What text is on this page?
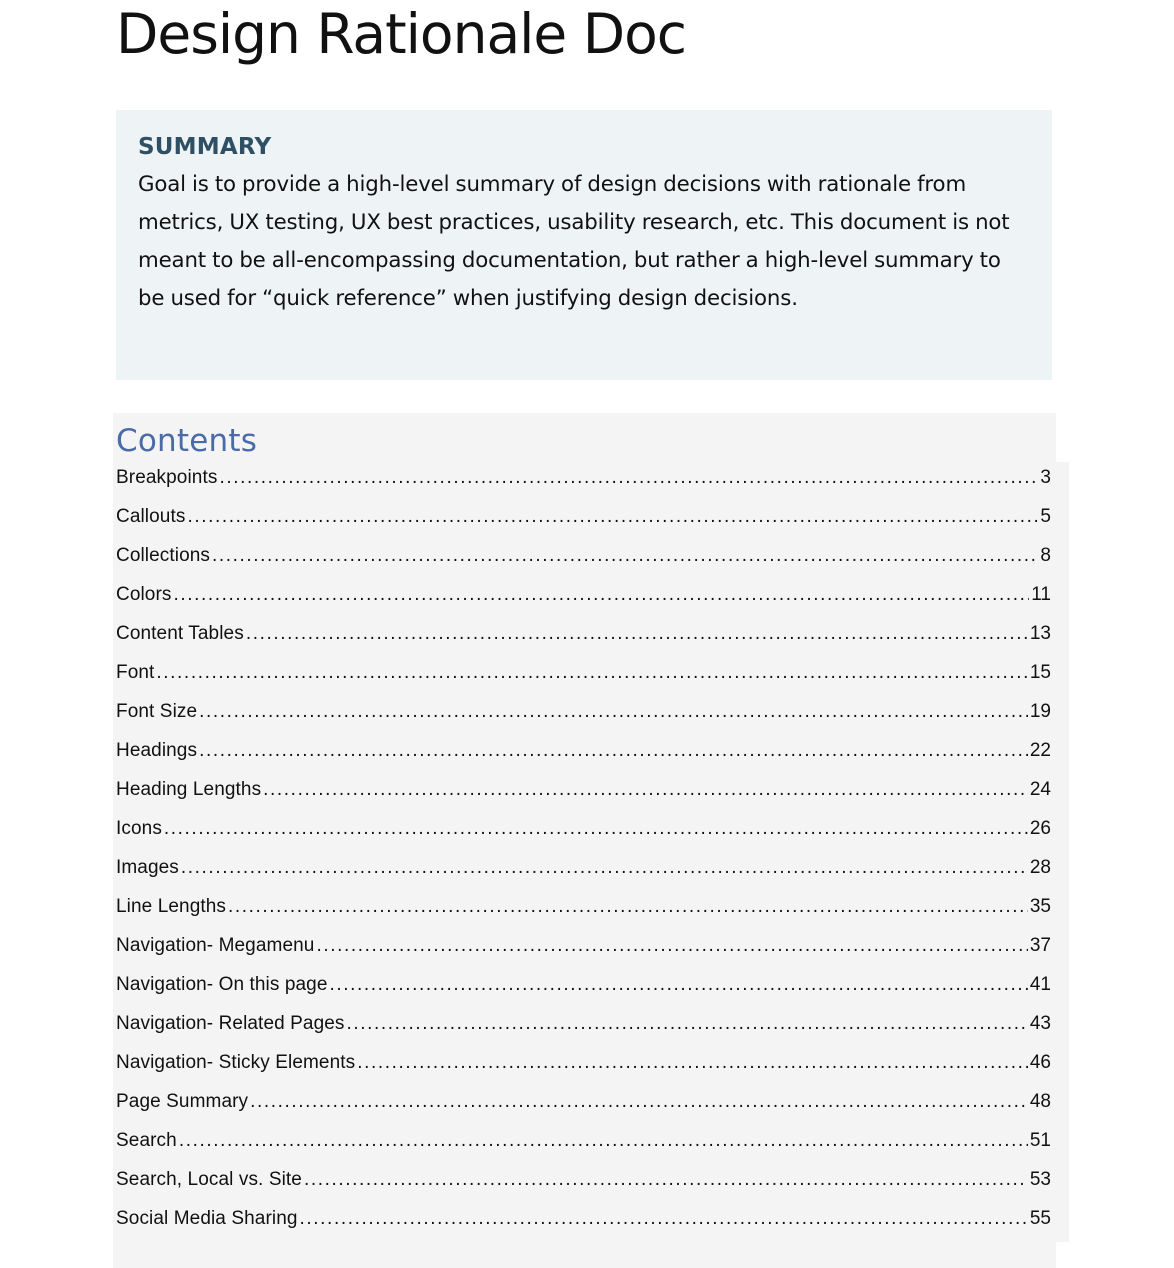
Design Rationale Doc
SUMMARY
Goal is to provide a high-level summary of design decisions with rationale from metrics, UX testing, UX best practices, usability research, etc. This document is not meant to be all-encompassing documentation, but rather a high-level summary to be used for “quick reference” when justifying design decisions.
Contents
Breakpoints .....	3
Callouts .....	5
Collections .....	8
Colors .....	11
Content Tables .....	13
Font .....	15
Font Size .....	19
Headings .....	22
Heading Lengths .....	24
Icons .....	26
Images .....	28
Line Lengths .....	35
Navigation- Megamenu .....	37
Navigation- On this page .....	41
Navigation- Related Pages .....	43
Navigation- Sticky Elements .....	46
Page Summary .....	48
Search .....	51
Search, Local vs. Site .....	53
Social Media Sharing .....	55
